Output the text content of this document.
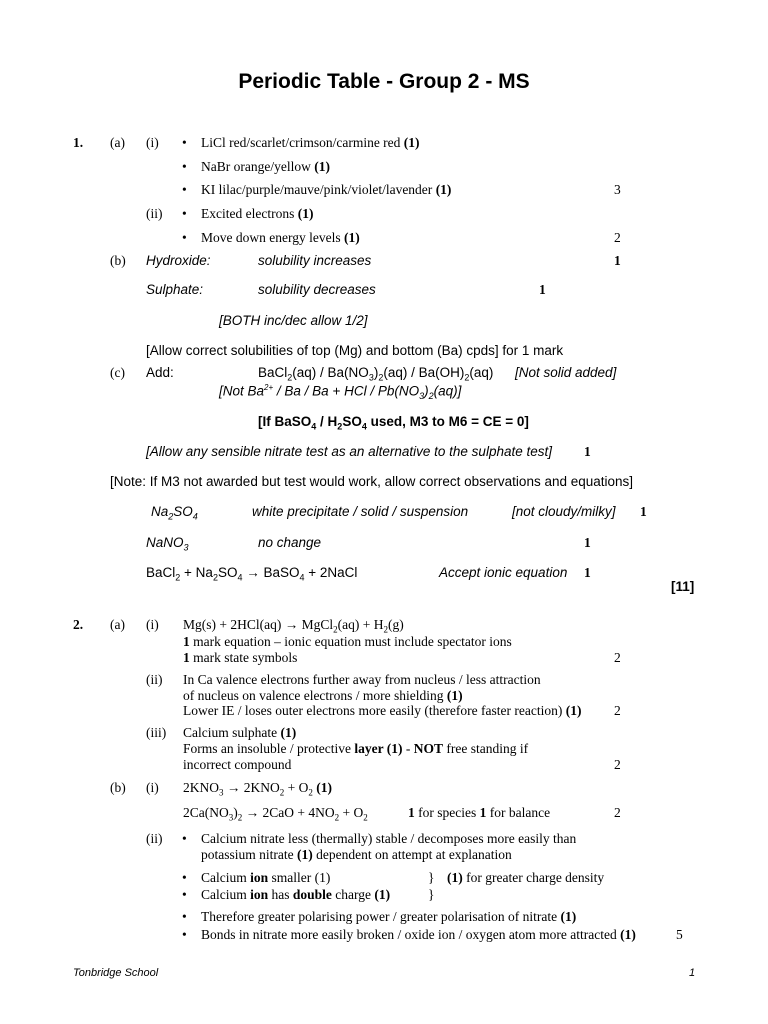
Periodic Table - Group 2 - MS
1. (a) (i)	• LiCl red/scarlet/crimson/carmine red (1)
• NaBr orange/yellow (1)
• KI lilac/purple/mauve/pink/violet/lavender (1)	3
(ii)	• Excited electrons (1)
• Move down energy levels (1)	2
(b) Hydroxide:	solubility increases	1
Sulphate:	solubility decreases	1
[BOTH inc/dec allow 1/2]
[Allow correct solubilities of top (Mg) and bottom (Ba) cpds] for 1 mark
(c) Add:	BaCl$_2$(aq) / $Ba(NO_3)_2(aq) / Ba(OH)_2(aq)$ [Not solid added]
[Not $Ba^{2+}$ / Ba / Ba + HCl / $Pb(NO_3)_2(aq)$]
[If BaSO$_4$ / $H_2SO_4$ used, M3 to M6 = CE = 0]
[Allow any sensible nitrate test as an alternative to the sulphate test] 1
[Note: If M3 not awarded but test would work, allow correct observations and equations]
$Na_2SO_4$	white precipitate / solid / suspension	[not cloudy/milky] 1
NaNO$_3$	no change	1
BaCl$_2$ + $Na_2SO_4$ → BaSO$_4$ + 2NaCl	Accept ionic equation 1
[11]
2. (a) (i) Mg(s) + 2HCl(aq) → MgCl$_2$(aq) + $H_2(g)$
1 mark equation – ionic equation must include spectator ions
1 mark state symbols	2
(ii) In Ca valence electrons further away from nucleus / less attraction
of nucleus on valence electrons / more shielding (1)
Lower IE / loses outer electrons more easily (therefore faster reaction) (1) 2
(iii) Calcium sulphate (1)
Forms an insoluble / protective layer (1) - NOT free standing if
incorrect compound	2
(b) (i) $2KNO_3 \to 2KNO_2 + O_2$ (1)
$2Ca(NO_3)_2 \to 2CaO + 4NO_2 + O_2$	1 for species 1 for balance	2
(ii)	• Calcium nitrate less (thermally) stable / decomposes more easily than
potassium nitrate (1) dependent on attempt at explanation
• Calcium ion smaller (1)	} (1) for greater charge density
• Calcium ion has double charge (1)	}
• Therefore greater polarising power / greater polarisation of nitrate (1)
• Bonds in nitrate more easily broken / oxide ion / oxygen atom more attracted (1)	5
Tonbridge School	1
